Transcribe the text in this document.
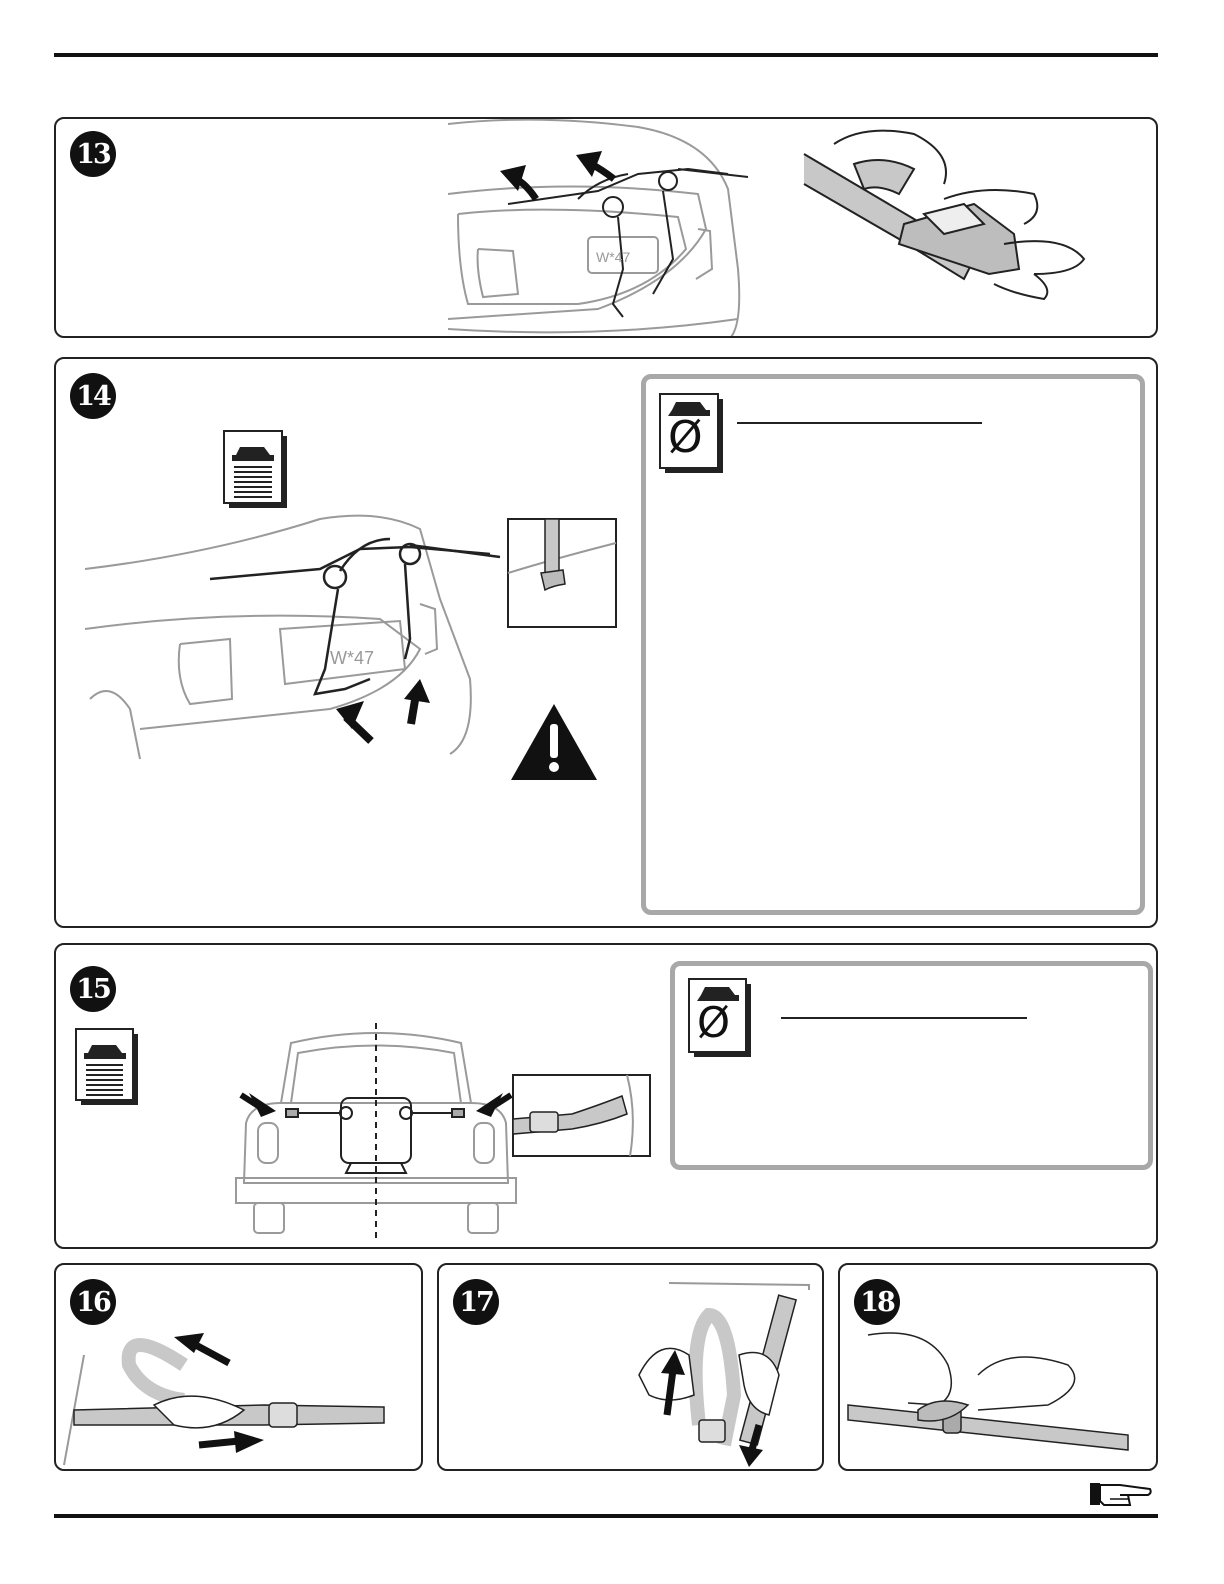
13
W*47
14
W*47
Ø
15
Ø
16	17	18
